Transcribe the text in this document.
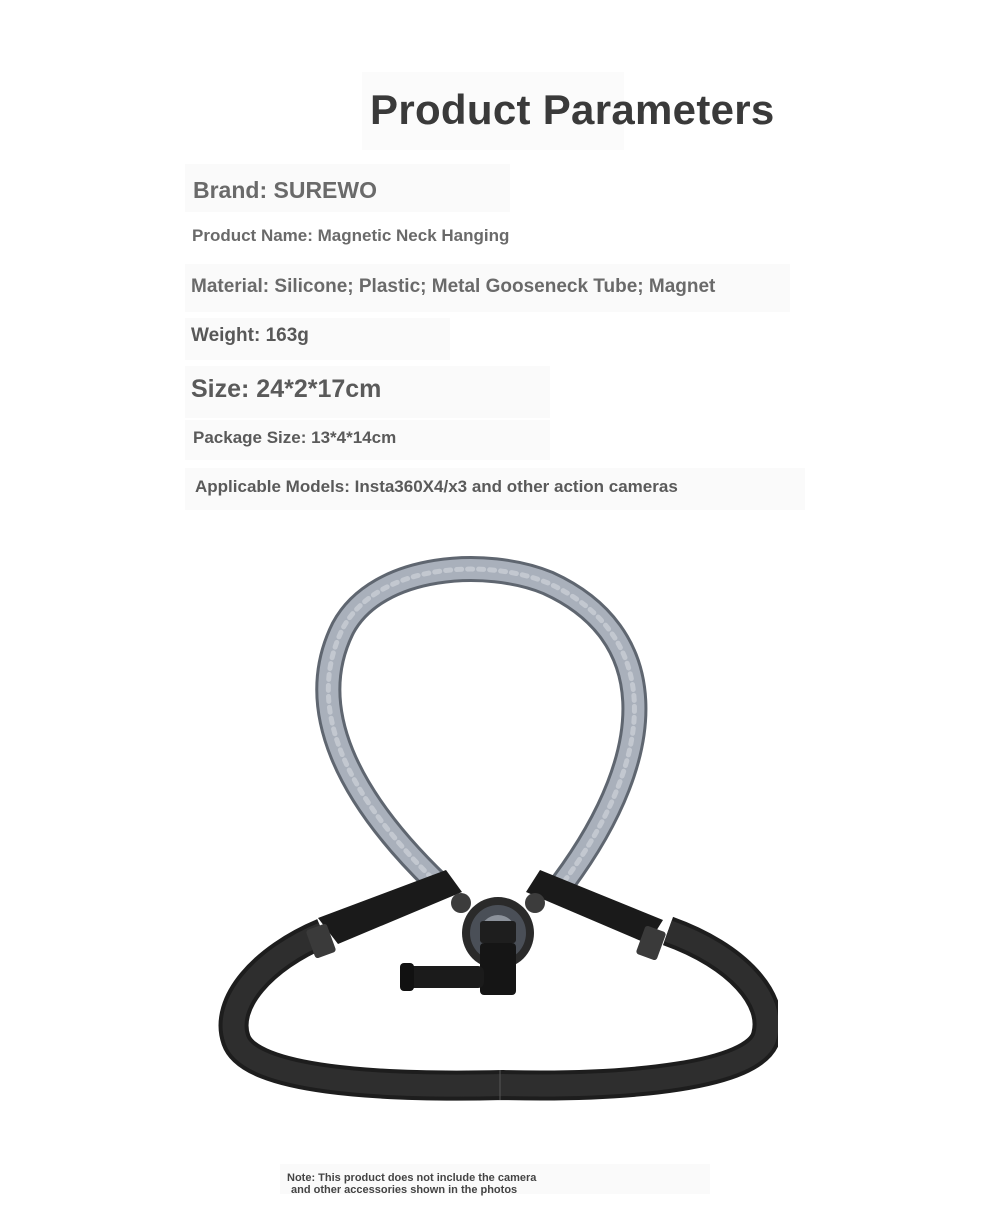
Product Parameters
Brand: SUREWO
Product Name: Magnetic Neck Hanging
Material: Silicone; Plastic; Metal Gooseneck Tube; Magnet
Weight: 163g
Size: 24*2*17cm
Package Size: 13*4*14cm
Applicable Models: Insta360X4/x3 and other action cameras
Note: This product does not include the camera
and other accessories shown in the photos
